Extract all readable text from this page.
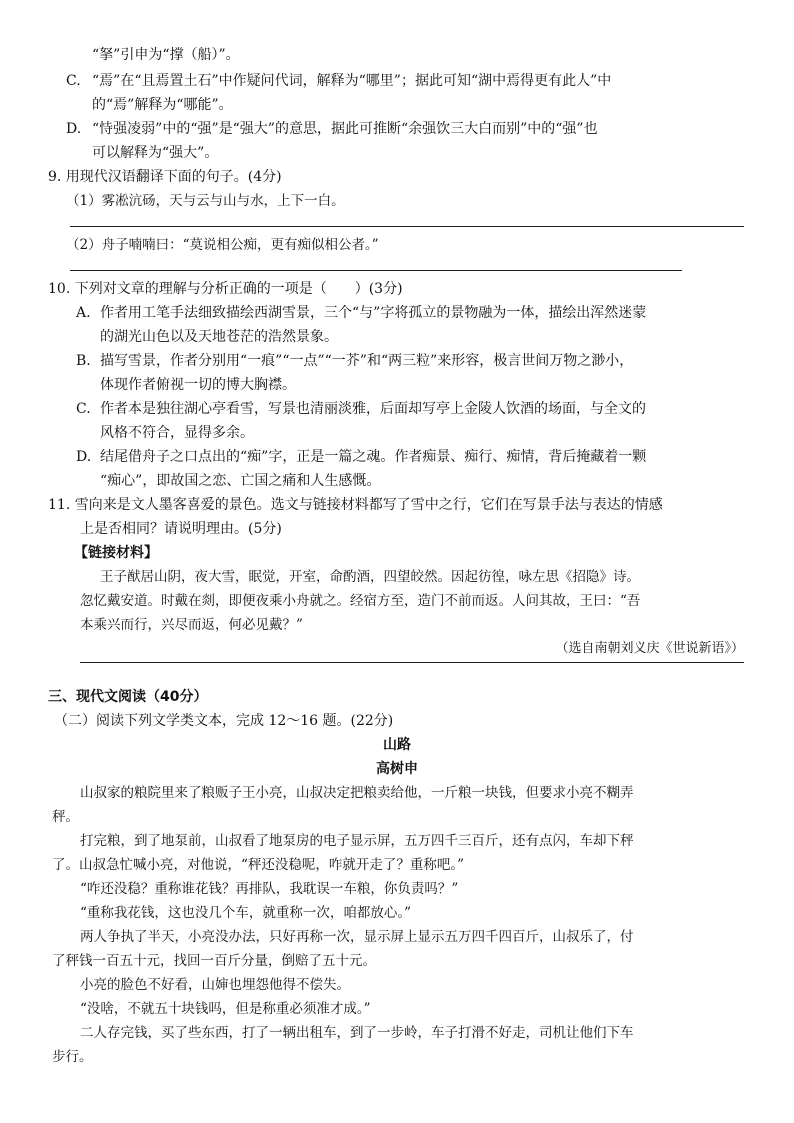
“拏”引申为“撑（船）”。

C. “焉”在“且焉置土石”中作疑问代词，解释为“哪里”；据此可知“湖中焉得更有此人”中

的“焉”解释为“哪能”。

D. “恃强凌弱”中的“强”是“强大”的意思，据此可推断“余强饮三大白而别”中的“强”也

可以解释为“强大”。

9. 用现代汉语翻译下面的句子。(4分)

（1）雾凇沆砀，天与云与山与水，上下一白。

（2）舟子喃喃曰：“莫说相公痴，更有痴似相公者。”

10. 下列对文章的理解与分析正确的一项是（　　）(3分)

A. 作者用工笔手法细致描绘西湖雪景，三个“与”字将孤立的景物融为一体，描绘出浑然迷蒙

的湖光山色以及天地苍茫的浩然景象。

B. 描写雪景，作者分别用“一痕”“一点”“一芥”和“两三粒”来形容，极言世间万物之渺小，

体现作者俯视一切的博大胸襟。

C. 作者本是独往湖心亭看雪，写景也清丽淡雅，后面却写亭上金陵人饮酒的场面，与全文的

风格不符合，显得多余。

D. 结尾借舟子之口点出的“痴”字，正是一篇之魂。作者痴景、痴行、痴情，背后掩藏着一颗

“痴心”，即故国之恋、亡国之痛和人生感慨。

11. 雪向来是文人墨客喜爱的景色。选文与链接材料都写了雪中之行，它们在写景手法与表达的情感

上是否相同？请说明理由。(5分)

【链接材料】

王子猷居山阴，夜大雪，眠觉，开室，命酌酒，四望皎然。因起彷徨，咏左思《招隐》诗。

忽忆戴安道。时戴在剡，即便夜乘小舟就之。经宿方至，造门不前而返。人问其故，王曰：“吾

本乘兴而行，兴尽而返，何必见戴？”

（选自南朝刘义庆《世说新语》）

三、现代文阅读（40分）

（二）阅读下列文学类文本，完成 12～16 题。(22分)

山路

高树申

山叔家的粮院里来了粮贩子王小亮，山叔决定把粮卖给他，一斤粮一块钱，但要求小亮不糊弄

秤。

打完粮，到了地泵前，山叔看了地泵房的电子显示屏，五万四千三百斤，还有点闪，车却下秤

了。山叔急忙喊小亮，对他说，“秤还没稳呢，咋就开走了？重称吧。”

“咋还没稳？重称谁花钱？再排队，我耽误一车粮，你负责吗？”

“重称我花钱，这也没几个车，就重称一次，咱都放心。”

两人争执了半天，小亮没办法，只好再称一次，显示屏上显示五万四千四百斤，山叔乐了，付

了秤钱一百五十元，找回一百斤分量，倒赔了五十元。

小亮的脸色不好看，山婶也埋怨他得不偿失。

“没啥，不就五十块钱吗，但是称重必须准才成。”

二人存完钱，买了些东西，打了一辆出租车，到了一步岭，车子打滑不好走，司机让他们下车

步行。
